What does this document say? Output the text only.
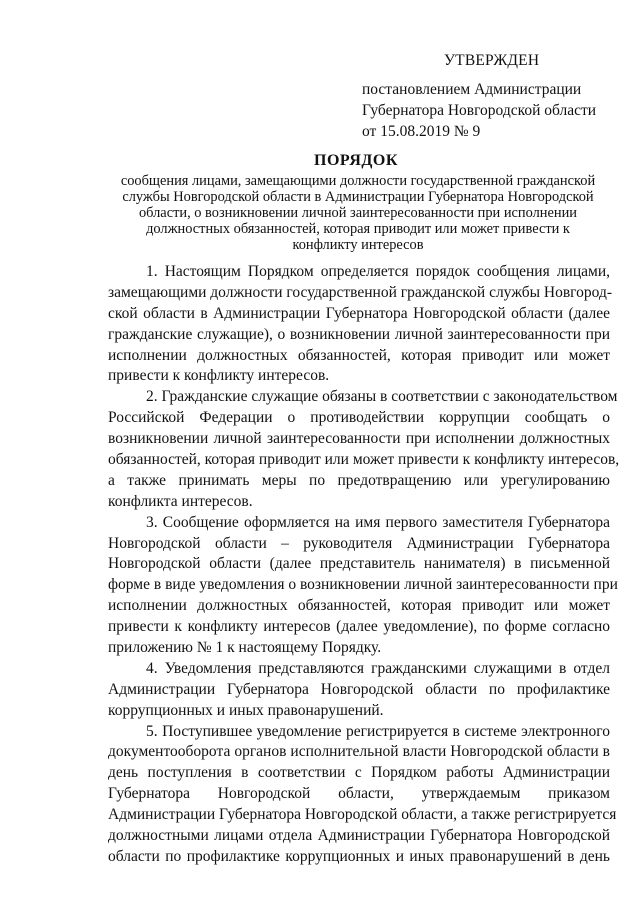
УТВЕРЖДЕН
постановлением Администрации
Губернатора Новгородской области
от 15.08.2019 № 9
ПОРЯДОК
сообщения лицами, замещающими должности государственной гражданской
службы Новгородской области в Администрации Губернатора Новгородской
области, о возникновении личной заинтересованности при исполнении
должностных обязанностей, которая приводит или может привести к
конфликту интересов
1. Настоящим Порядком определяется порядок сообщения лицами,
замещающими должности государственной гражданской службы Новгород-
ской области в Администрации Губернатора Новгородской области (далее
гражданские служащие), о возникновении личной заинтересованности при
исполнении должностных обязанностей, которая приводит или может
привести к конфликту интересов.
2. Гражданские служащие обязаны в соответствии с законодательством
Российской Федерации о противодействии коррупции сообщать о
возникновении личной заинтересованности при исполнении должностных
обязанностей, которая приводит или может привести к конфликту интересов,
а также принимать меры по предотвращению или урегулированию
конфликта интересов.
3. Сообщение оформляется на имя первого заместителя Губернатора
Новгородской области – руководителя Администрации Губернатора
Новгородской области (далее представитель нанимателя) в письменной
форме в виде уведомления о возникновении личной заинтересованности при
исполнении должностных обязанностей, которая приводит или может
привести к конфликту интересов (далее уведомление), по форме согласно
приложению № 1 к настоящему Порядку.
4. Уведомления представляются гражданскими служащими в отдел
Администрации Губернатора Новгородской области по профилактике
коррупционных и иных правонарушений.
5. Поступившее уведомление регистрируется в системе электронного
документооборота органов исполнительной власти Новгородской области в
день поступления в соответствии с Порядком работы Администрации
Губернатора Новгородской области, утверждаемым приказом
Администрации Губернатора Новгородской области, а также регистрируется
должностными лицами отдела Администрации Губернатора Новгородской
области по профилактике коррупционных и иных правонарушений в день
